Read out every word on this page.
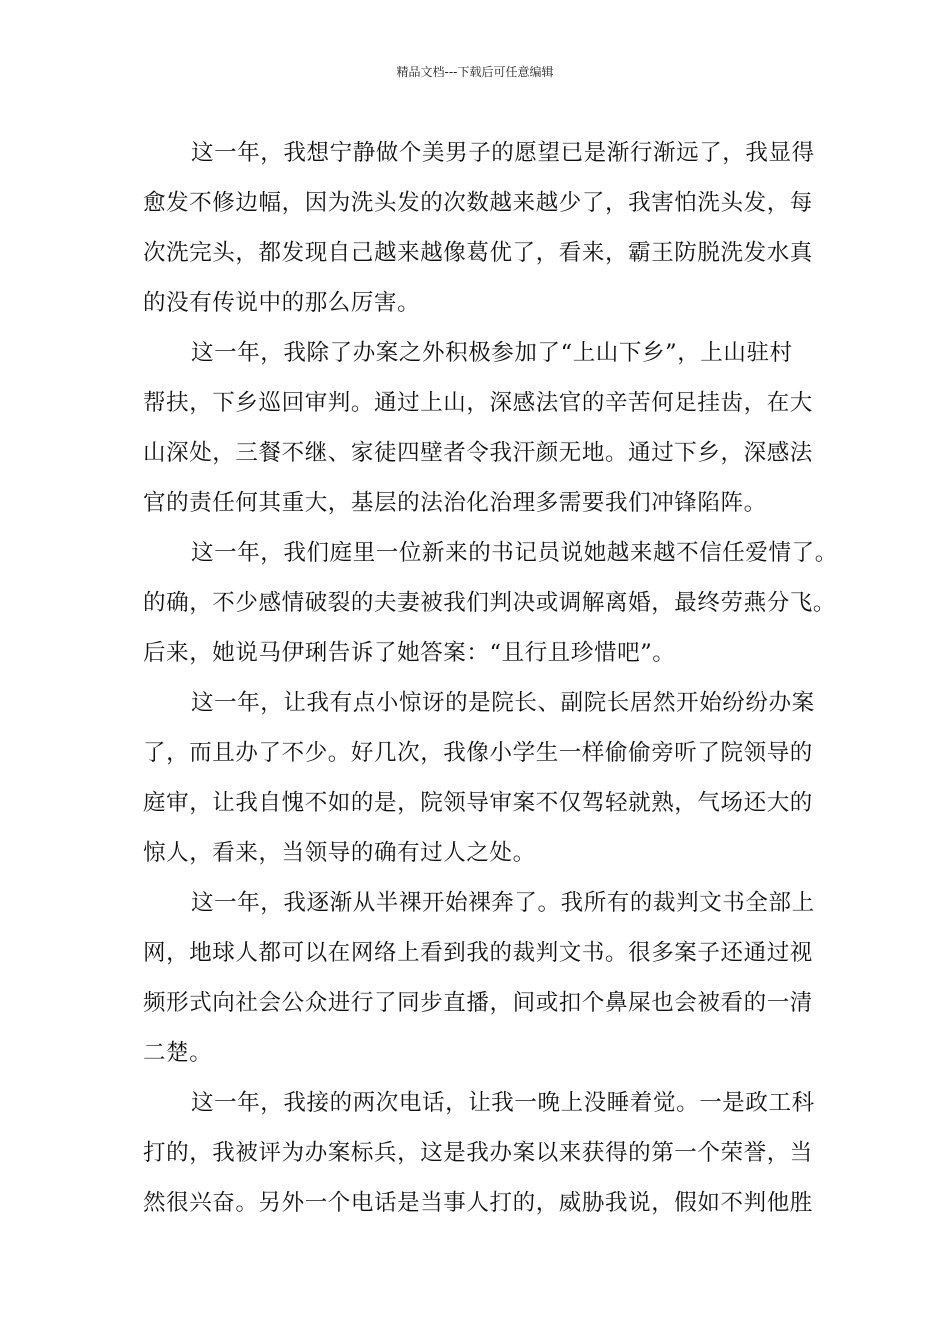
精品文档---下载后可任意编辑
这一年，我想宁静做个美男子的愿望已是渐行渐远了，我显得
愈发不修边幅，因为洗头发的次数越来越少了，我害怕洗头发，每
次洗完头，都发现自己越来越像葛优了，看来，霸王防脱洗发水真
的没有传说中的那么厉害。
这一年，我除了办案之外积极参加了“上山下乡”，上山驻村
帮扶，下乡巡回审判。通过上山，深感法官的辛苦何足挂齿，在大
山深处，三餐不继、家徒四壁者令我汗颜无地。通过下乡，深感法
官的责任何其重大，基层的法治化治理多需要我们冲锋陷阵。
这一年，我们庭里一位新来的书记员说她越来越不信任爱情了。
的确，不少感情破裂的夫妻被我们判决或调解离婚，最终劳燕分飞。
后来，她说马伊琍告诉了她答案：“且行且珍惜吧”。
这一年，让我有点小惊讶的是院长、副院长居然开始纷纷办案
了，而且办了不少。好几次，我像小学生一样偷偷旁听了院领导的
庭审，让我自愧不如的是，院领导审案不仅驾轻就熟，气场还大的
惊人，看来，当领导的确有过人之处。
这一年，我逐渐从半裸开始裸奔了。我所有的裁判文书全部上
网，地球人都可以在网络上看到我的裁判文书。很多案子还通过视
频形式向社会公众进行了同步直播，间或扣个鼻屎也会被看的一清
二楚。
这一年，我接的两次电话，让我一晚上没睡着觉。一是政工科
打的，我被评为办案标兵，这是我办案以来获得的第一个荣誉，当
然很兴奋。另外一个电话是当事人打的，威胁我说，假如不判他胜
